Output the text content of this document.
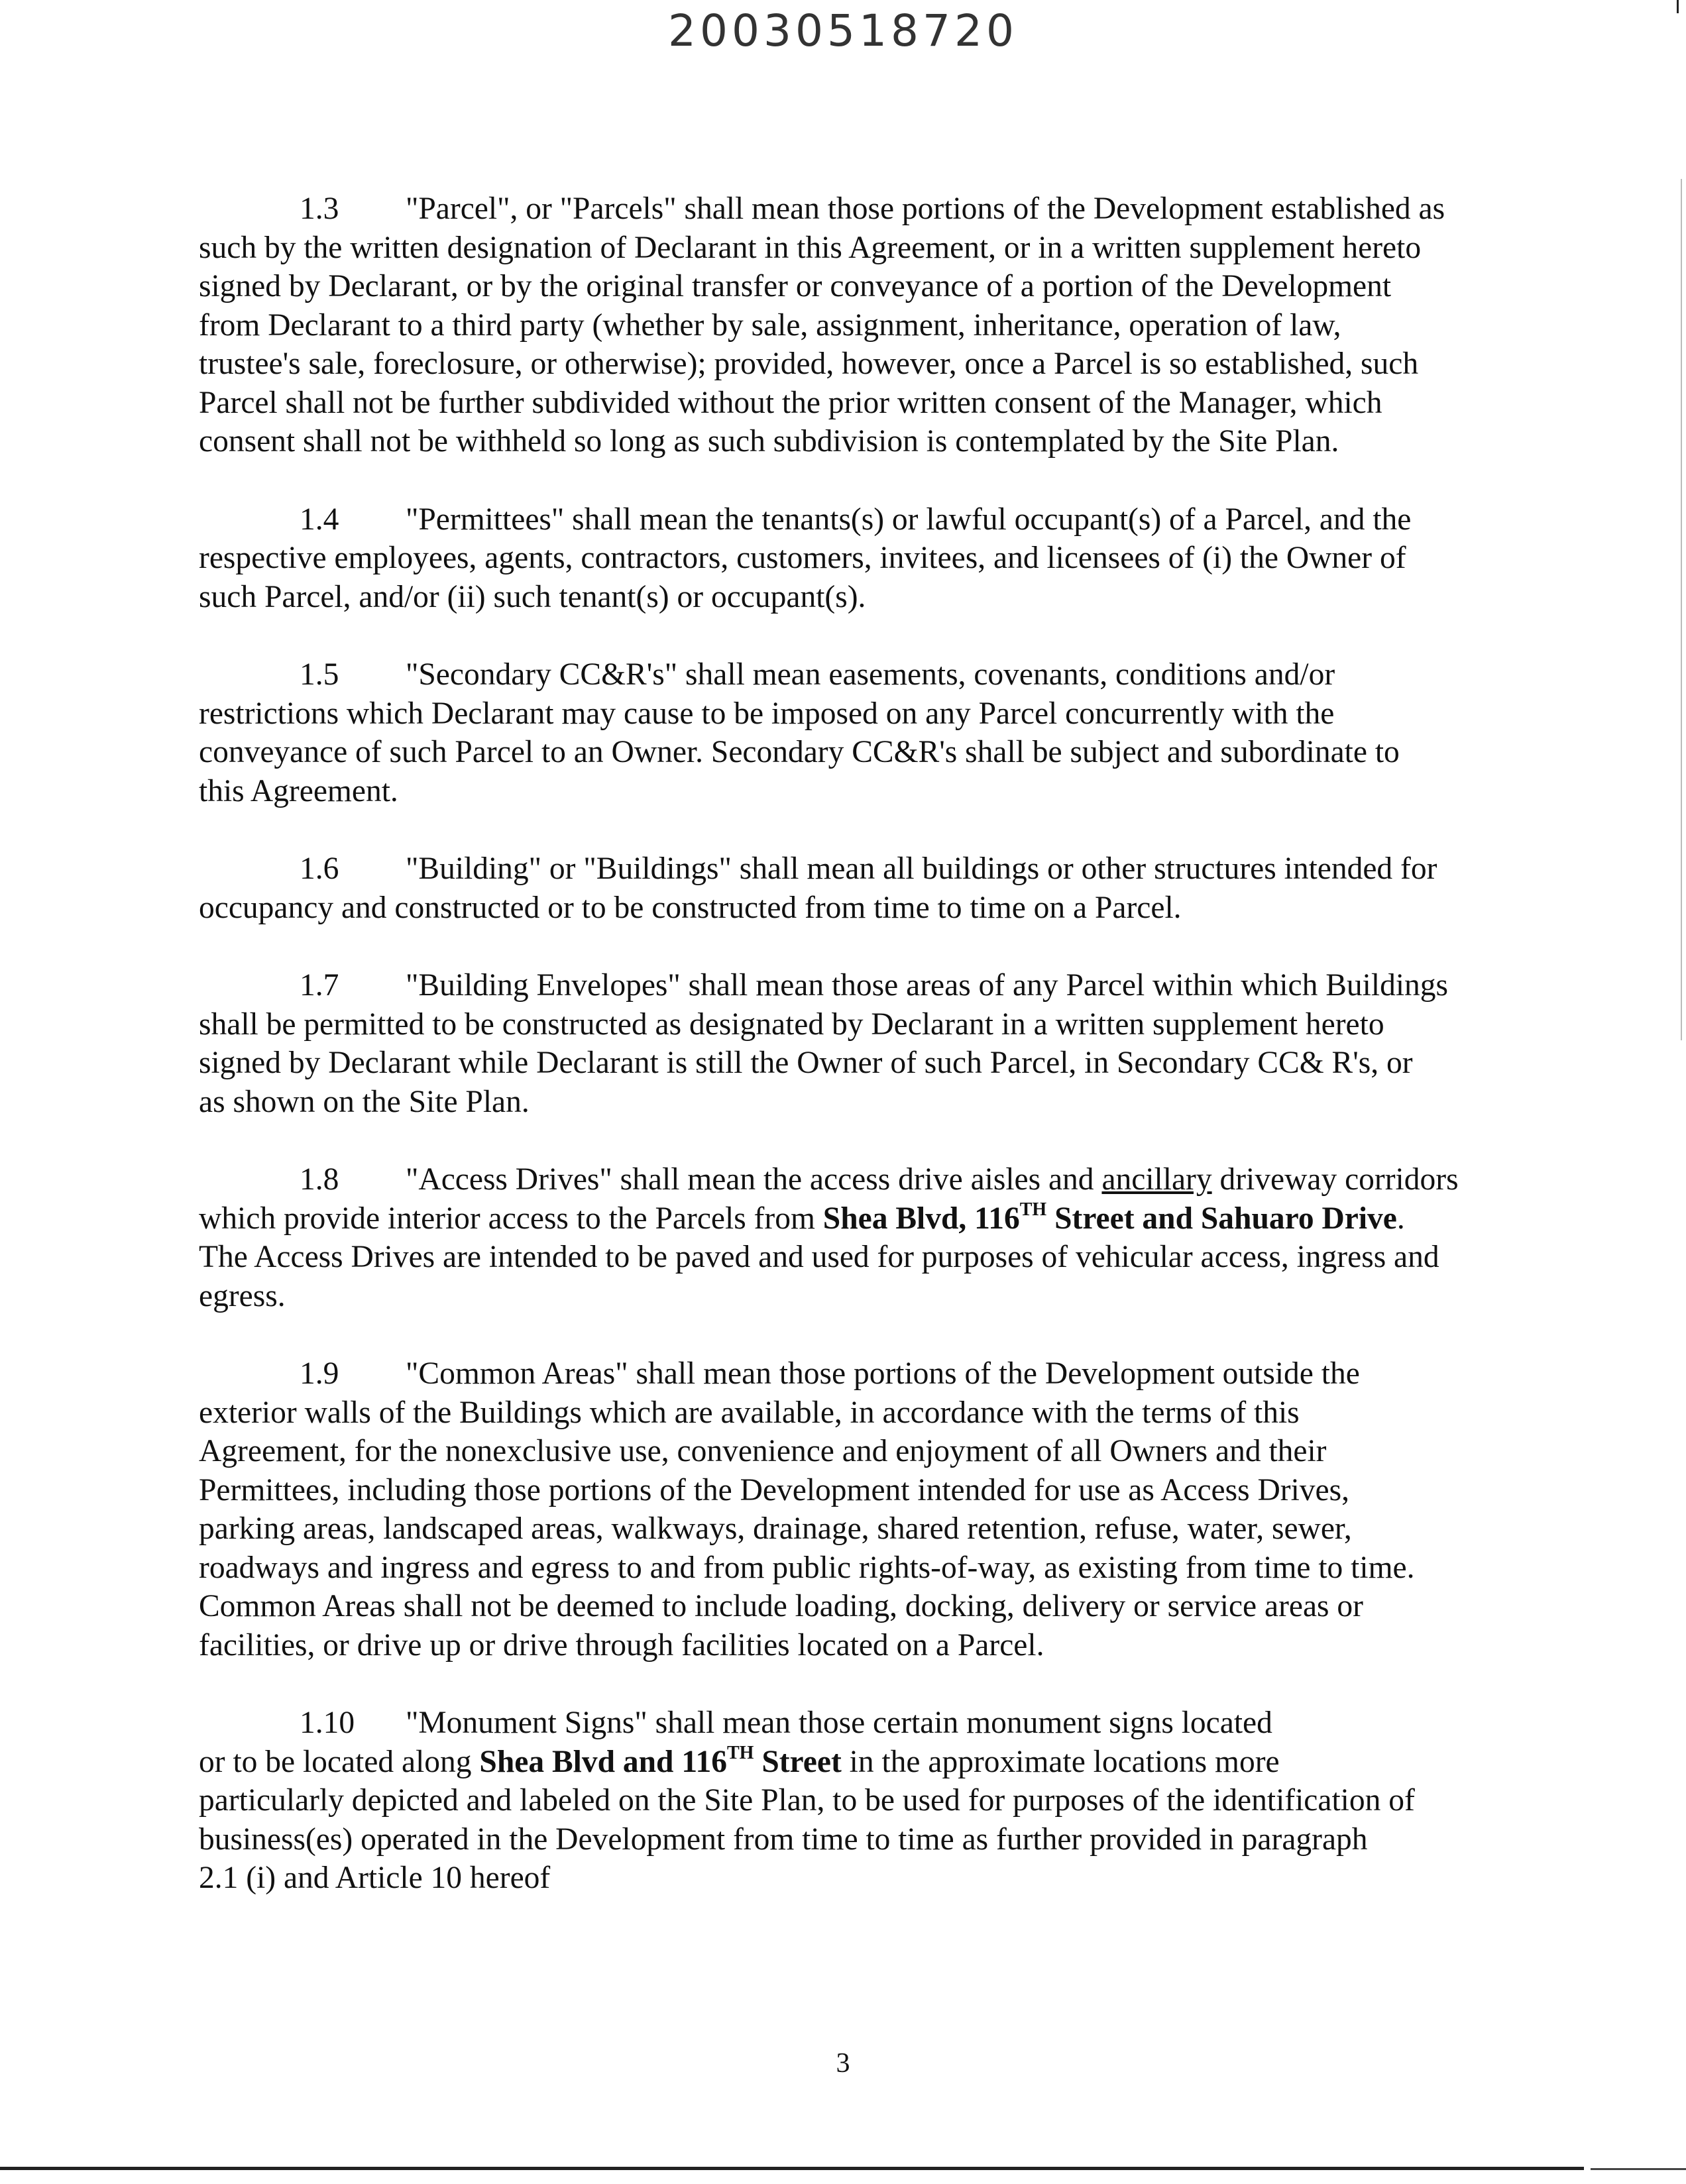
20030518720
1.3 "Parcel", or "Parcels" shall mean those portions of the Development established as
such by the written designation of Declarant in this Agreement, or in a written supplement hereto
signed by Declarant, or by the original transfer or conveyance of a portion of the Development
from Declarant to a third party (whether by sale, assignment, inheritance, operation of law,
trustee's sale, foreclosure, or otherwise); provided, however, once a Parcel is so established, such
Parcel shall not be further subdivided without the prior written consent of the Manager, which
consent shall not be withheld so long as such subdivision is contemplated by the Site Plan.
1.4 "Permittees" shall mean the tenants(s) or lawful occupant(s) of a Parcel, and the
respective employees, agents, contractors, customers, invitees, and licensees of (i) the Owner of
such Parcel, and/or (ii) such tenant(s) or occupant(s).
1.5 "Secondary CC&R's" shall mean easements, covenants, conditions and/or
restrictions which Declarant may cause to be imposed on any Parcel concurrently with the
conveyance of such Parcel to an Owner. Secondary CC&R's shall be subject and subordinate to
this Agreement.
1.6 "Building" or "Buildings" shall mean all buildings or other structures intended for
occupancy and constructed or to be constructed from time to time on a Parcel.
1.7 "Building Envelopes" shall mean those areas of any Parcel within which Buildings
shall be permitted to be constructed as designated by Declarant in a written supplement hereto
signed by Declarant while Declarant is still the Owner of such Parcel, in Secondary CC& R's, or
as shown on the Site Plan.
1.8 "Access Drives" shall mean the access drive aisles and ancillary driveway corridors
which provide interior access to the Parcels from Shea Blvd, 116TH Street and Sahuaro Drive.
The Access Drives are intended to be paved and used for purposes of vehicular access, ingress and
egress.
1.9 "Common Areas" shall mean those portions of the Development outside the
exterior walls of the Buildings which are available, in accordance with the terms of this
Agreement, for the nonexclusive use, convenience and enjoyment of all Owners and their
Permittees, including those portions of the Development intended for use as Access Drives,
parking areas, landscaped areas, walkways, drainage, shared retention, refuse, water, sewer,
roadways and ingress and egress to and from public rights-of-way, as existing from time to time.
Common Areas shall not be deemed to include loading, docking, delivery or service areas or
facilities, or drive up or drive through facilities located on a Parcel.
1.10 "Monument Signs" shall mean those certain monument signs located
or to be located along Shea Blvd and 116TH Street in the approximate locations more
particularly depicted and labeled on the Site Plan, to be used for purposes of the identification of
business(es) operated in the Development from time to time as further provided in paragraph
2.1 (i) and Article 10 hereof
3
